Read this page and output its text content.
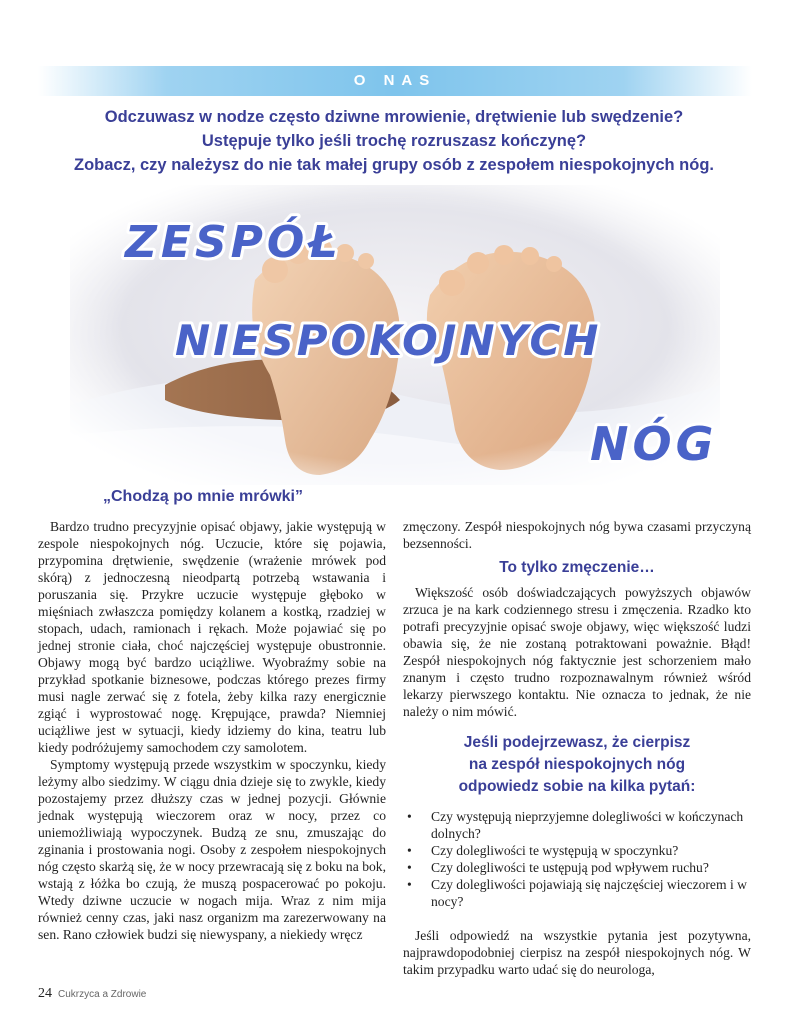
O NAS
Odczuwasz w nodze często dziwne mrowienie, drętwienie lub swędzenie?
Ustępuje tylko jeśli trochę rozruszasz kończynę?
Zobacz, czy należysz do nie tak małej grupy osób z zespołem niespokojnych nóg.
ZESPÓŁ
NIESPOKOJNYCH
NÓG
„Chodzą po mnie mrówki”

Bardzo trudno precyzyjnie opisać objawy, jakie występują w zespole niespokojnych nóg. Uczucie, które się pojawia, przypomina drętwienie, swędzenie (wrażenie mrówek pod skórą) z jednoczesną nieodpartą potrzebą wstawania i poruszania się. Przykre uczucie występuje głęboko w mięśniach zwłaszcza pomiędzy kolanem a kostką, rzadziej w stopach, udach, ramionach i rękach. Może pojawiać się po jednej stronie ciała, choć najczęściej występuje obustronnie. Objawy mogą być bardzo uciążliwe. Wyobraźmy sobie na przykład spotkanie biznesowe, podczas którego prezes firmy musi nagle zerwać się z fotela, żeby kilka razy energicznie zgiąć i wyprostować nogę. Krępujące, prawda? Niemniej uciążliwe jest w sytuacji, kiedy idziemy do kina, teatru lub kiedy podróżujemy samochodem czy samolotem.

Symptomy występują przede wszystkim w spoczynku, kiedy leżymy albo siedzimy. W ciągu dnia dzieje się to zwykle, kiedy pozostajemy przez dłuższy czas w jednej pozycji. Głównie jednak występują wieczorem oraz w nocy, przez co uniemożliwiają wypoczynek. Budzą ze snu, zmuszając do zginania i prostowania nogi. Osoby z zespołem niespokojnych nóg często skarżą się, że w nocy przewracają się z boku na bok, wstają z łóżka bo czują, że muszą pospacerować po pokoju. Wtedy dziwne uczucie w nogach mija. Wraz z nim mija również cenny czas, jaki nasz organizm ma zarezerwowany na sen. Rano człowiek budzi się niewyspany, a niekiedy wręcz

zmęczony. Zespół niespokojnych nóg bywa czasami przyczyną bezsenności.

To tylko zmęczenie…

Większość osób doświadczających powyższych objawów zrzuca je na kark codziennego stresu i zmęczenia. Rzadko kto potrafi precyzyjnie opisać swoje objawy, więc większość ludzi obawia się, że nie zostaną potraktowani poważnie. Błąd! Zespół niespokojnych nóg faktycznie jest schorzeniem mało znanym i często trudno rozpoznawalnym również wśród lekarzy pierwszego kontaktu. Nie oznacza to jednak, że nie należy o nim mówić.

Jeśli podejrzewasz, że cierpisz
na zespół niespokojnych nóg
odpowiedz sobie na kilka pytań:
• Czy występują nieprzyjemne dolegliwości w kończynach dolnych?
• Czy dolegliwości te występują w spoczynku?
• Czy dolegliwości te ustępują pod wpływem ruchu?
• Czy dolegliwości pojawiają się najczęściej wieczorem i w nocy?

Jeśli odpowiedź na wszystkie pytania jest pozytywna, najprawdopodobniej cierpisz na zespół niespokojnych nóg. W takim przypadku warto udać się do neurologa,

24 Cukrzyca a Zdrowie
